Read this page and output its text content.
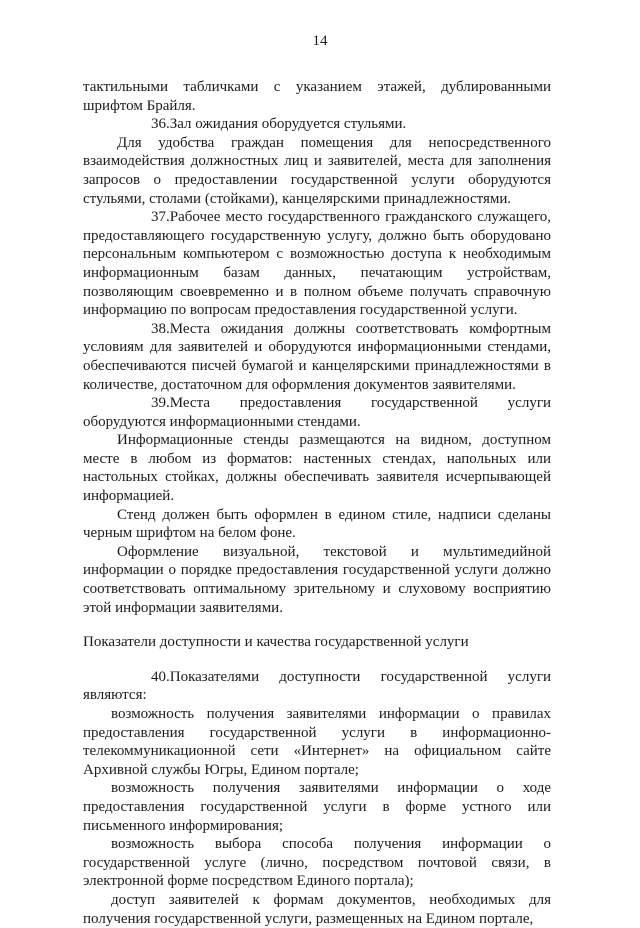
14

тактильными табличками с указанием этажей, дублированными шрифтом Брайля.

36.Зал ожидания оборудуется стульями.

Для удобства граждан помещения для непосредственного взаимодействия должностных лиц и заявителей, места для заполнения запросов о предоставлении государственной услуги оборудуются стульями, столами (стойками), канцелярскими принадлежностями.

37.Рабочее место государственного гражданского служащего, предоставляющего государственную услугу, должно быть оборудовано персональным компьютером с возможностью доступа к необходимым информационным базам данных, печатающим устройствам, позволяющим своевременно и в полном объеме получать справочную информацию по вопросам предоставления государственной услуги.

38.Места ожидания должны соответствовать комфортным условиям для заявителей и оборудуются информационными стендами, обеспечиваются писчей бумагой и канцелярскими принадлежностями в количестве, достаточном для оформления документов заявителями.

39.Места предоставления государственной услуги оборудуются информационными стендами.

Информационные стенды размещаются на видном, доступном месте в любом из форматов: настенных стендах, напольных или настольных стойках, должны обеспечивать заявителя исчерпывающей информацией.

Стенд должен быть оформлен в едином стиле, надписи сделаны черным шрифтом на белом фоне.

Оформление визуальной, текстовой и мультимедийной информации о порядке предоставления государственной услуги должно соответствовать оптимальному зрительному и слуховому восприятию этой информации заявителями.

Показатели доступности и качества государственной услуги

40.Показателями доступности государственной услуги являются:

возможность получения заявителями информации о правилах предоставления государственной услуги в информационно-телекоммуникационной сети «Интернет» на официальном сайте Архивной службы Югры, Едином портале;

возможность получения заявителями информации о ходе предоставления государственной услуги в форме устного или письменного информирования;

возможность выбора способа получения информации о государственной услуге (лично, посредством почтовой связи, в электронной форме посредством Единого портала);

доступ заявителей к формам документов, необходимых для получения государственной услуги, размещенных на Едином портале,
